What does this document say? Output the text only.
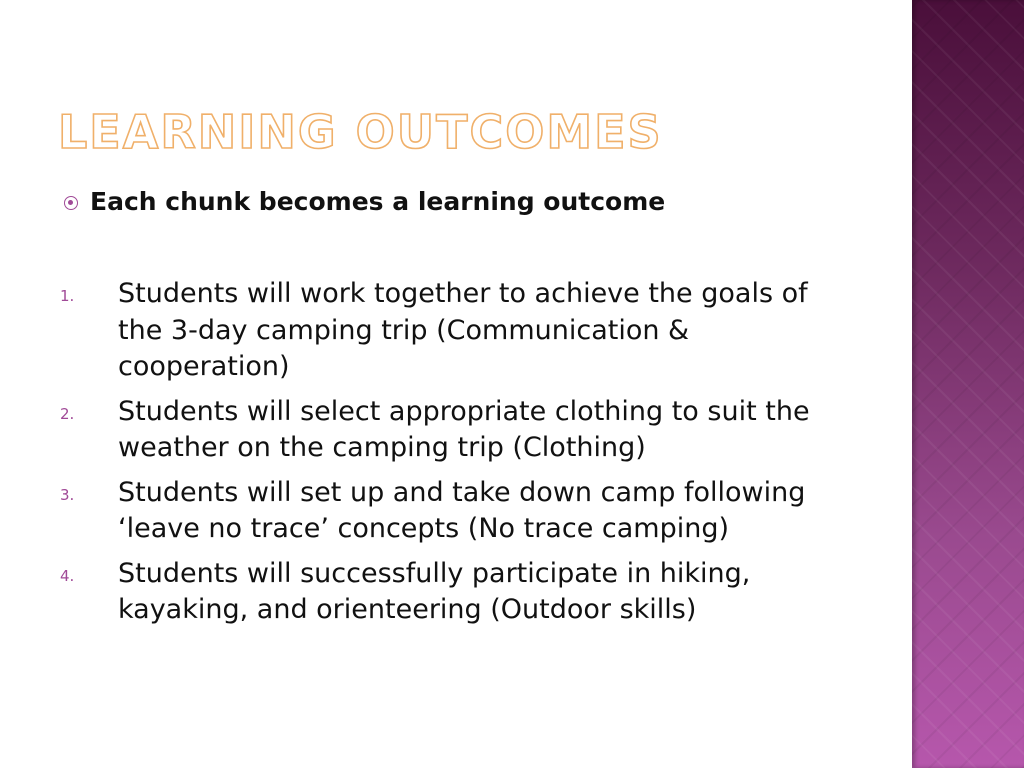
LEARNING OUTCOMES
Each chunk becomes a learning outcome
1.	Students will work together to achieve the goals of the 3-day camping trip (Communication & cooperation)
2.	Students will select appropriate clothing to suit the weather on the camping trip (Clothing)
3.	Students will set up and take down camp following ‘leave no trace’ concepts (No trace camping)
4.	Students will successfully participate in hiking, kayaking, and orienteering (Outdoor skills)
